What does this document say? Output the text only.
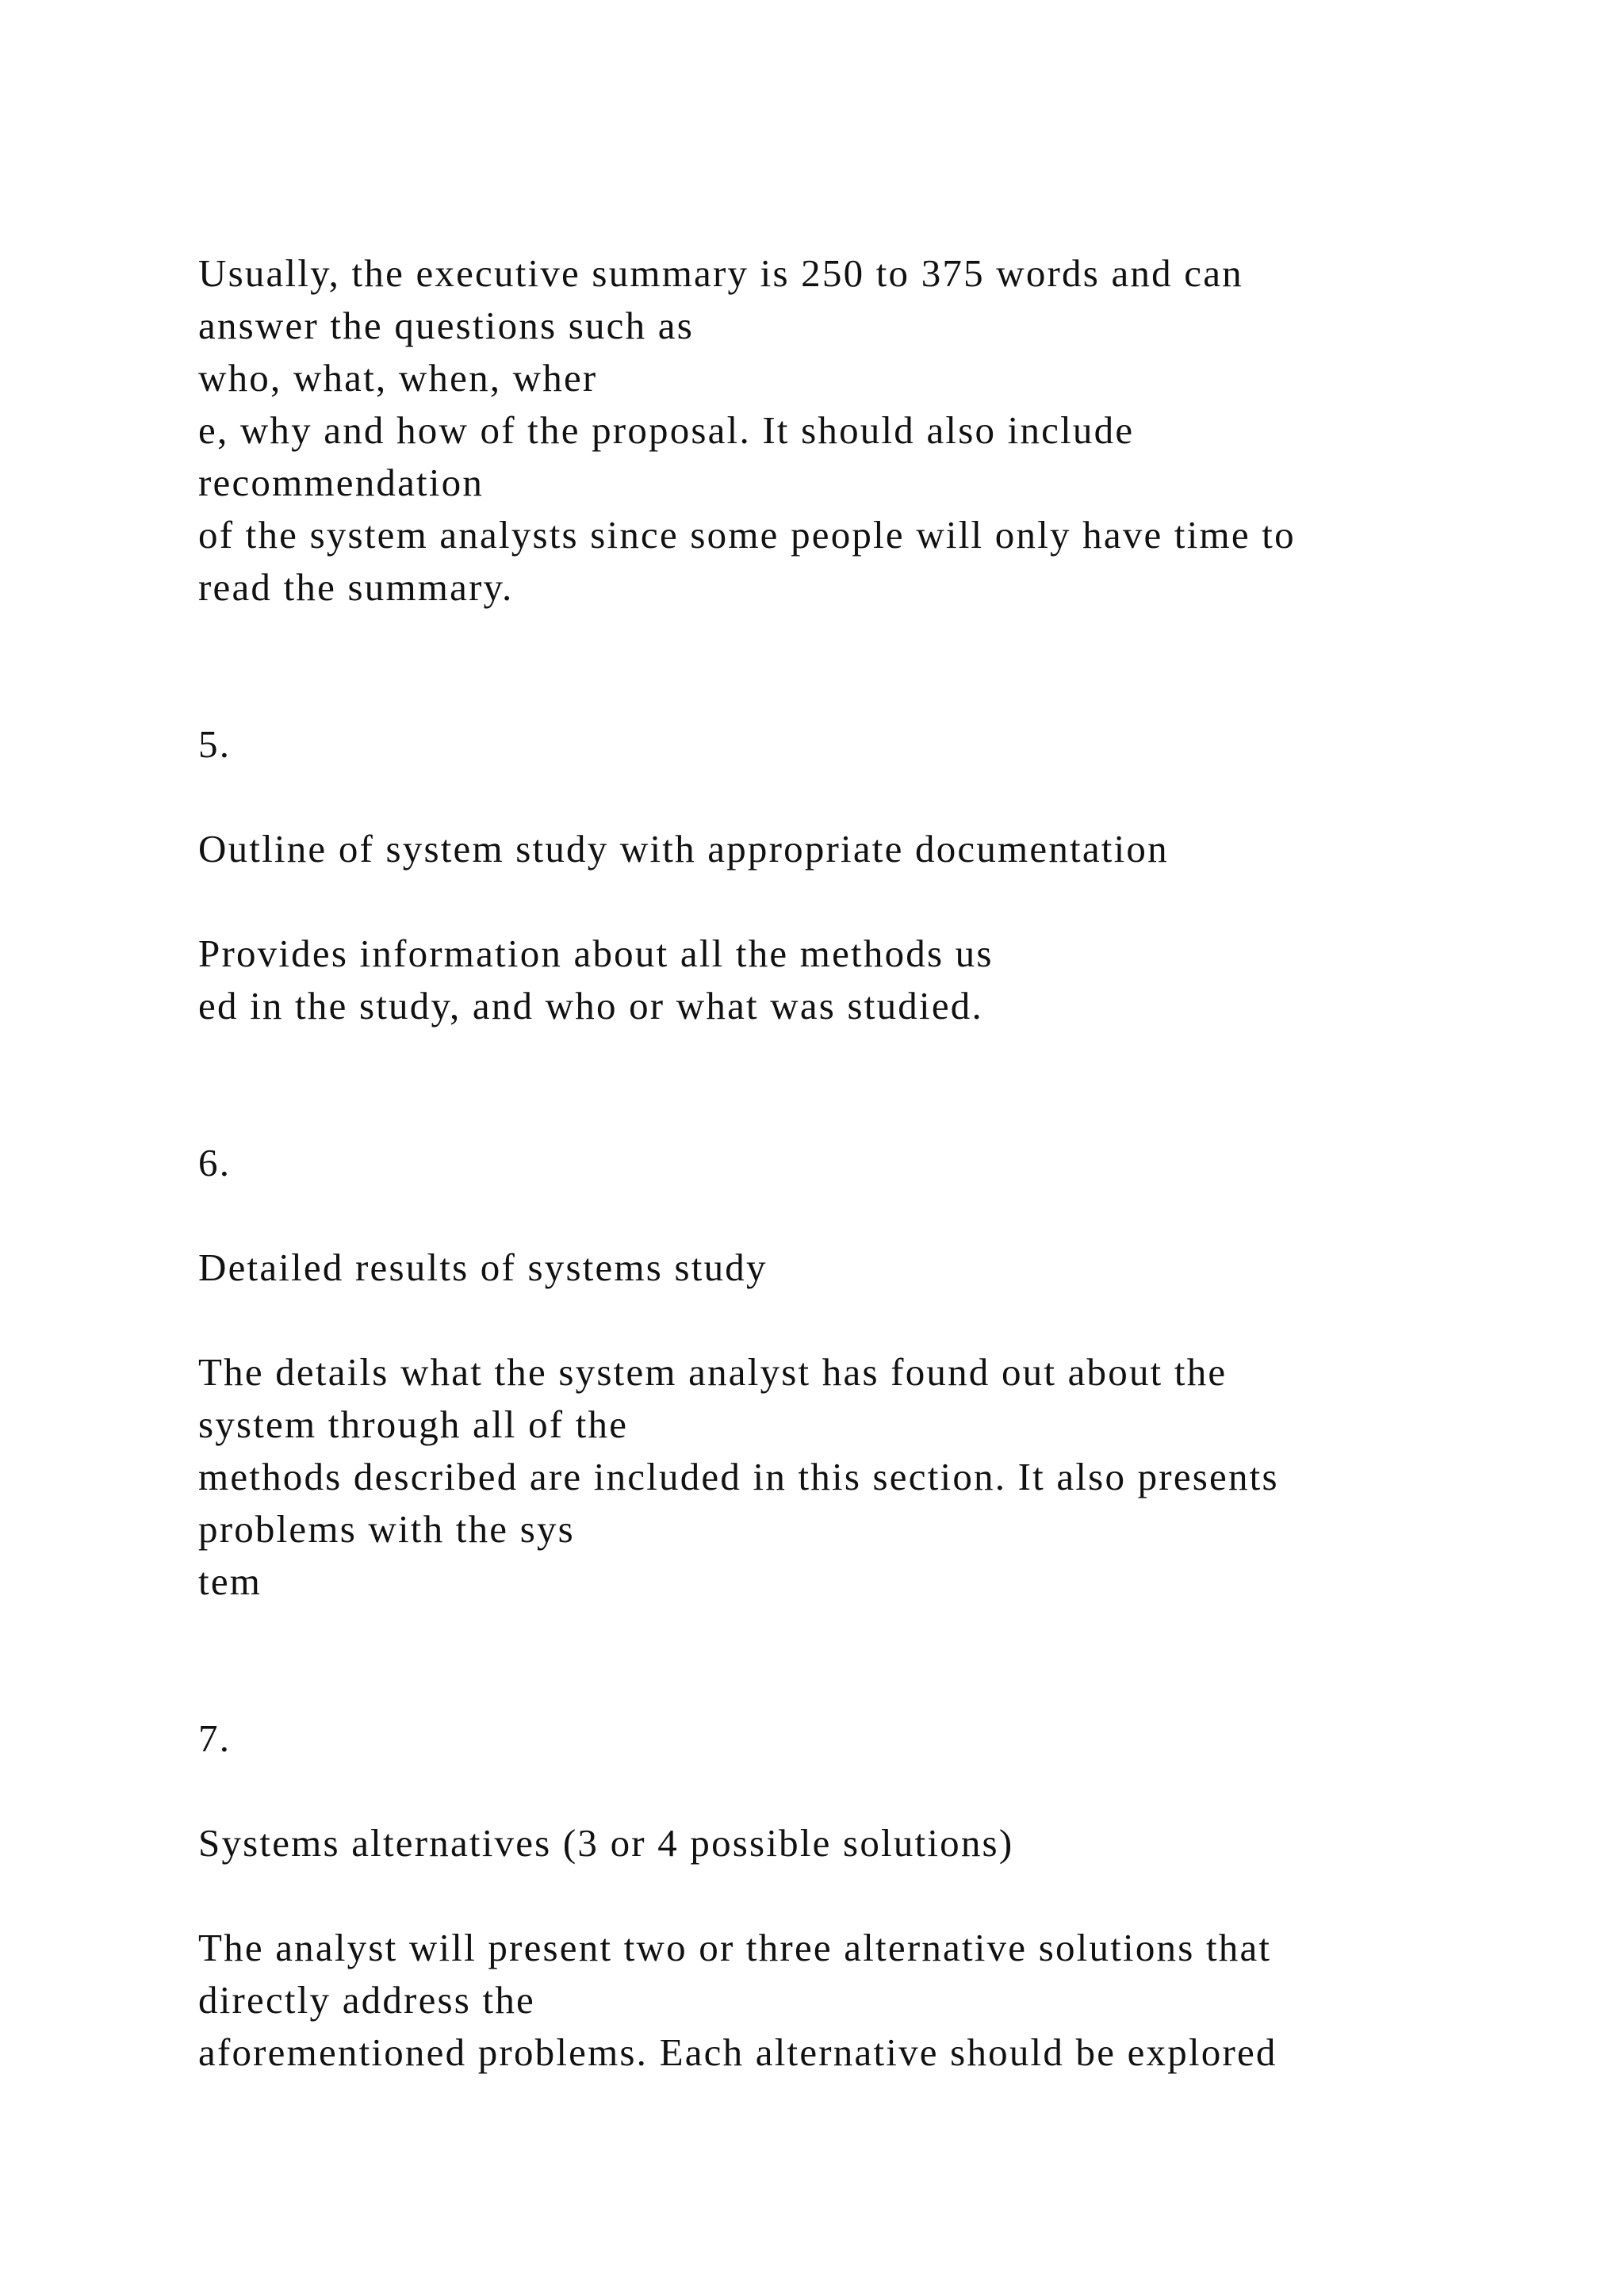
Usually, the executive summary is 250 to 375 words and can

answer the questions such as

who, what, when, wher

e, why and how of the proposal. It should also include

recommendation

of the system analysts since some people will only have time to

read the summary.

5.

Outline of system study with appropriate documentation

Provides information about all the methods us

ed in the study, and who or what was studied.

6.

Detailed results of systems study

The details what the system analyst has found out about the

system through all of the

methods described are included in this section. It also presents

problems with the sys

tem

7.

Systems alternatives (3 or 4 possible solutions)

The analyst will present two or three alternative solutions that

directly address the

aforementioned problems. Each alternative should be explored
